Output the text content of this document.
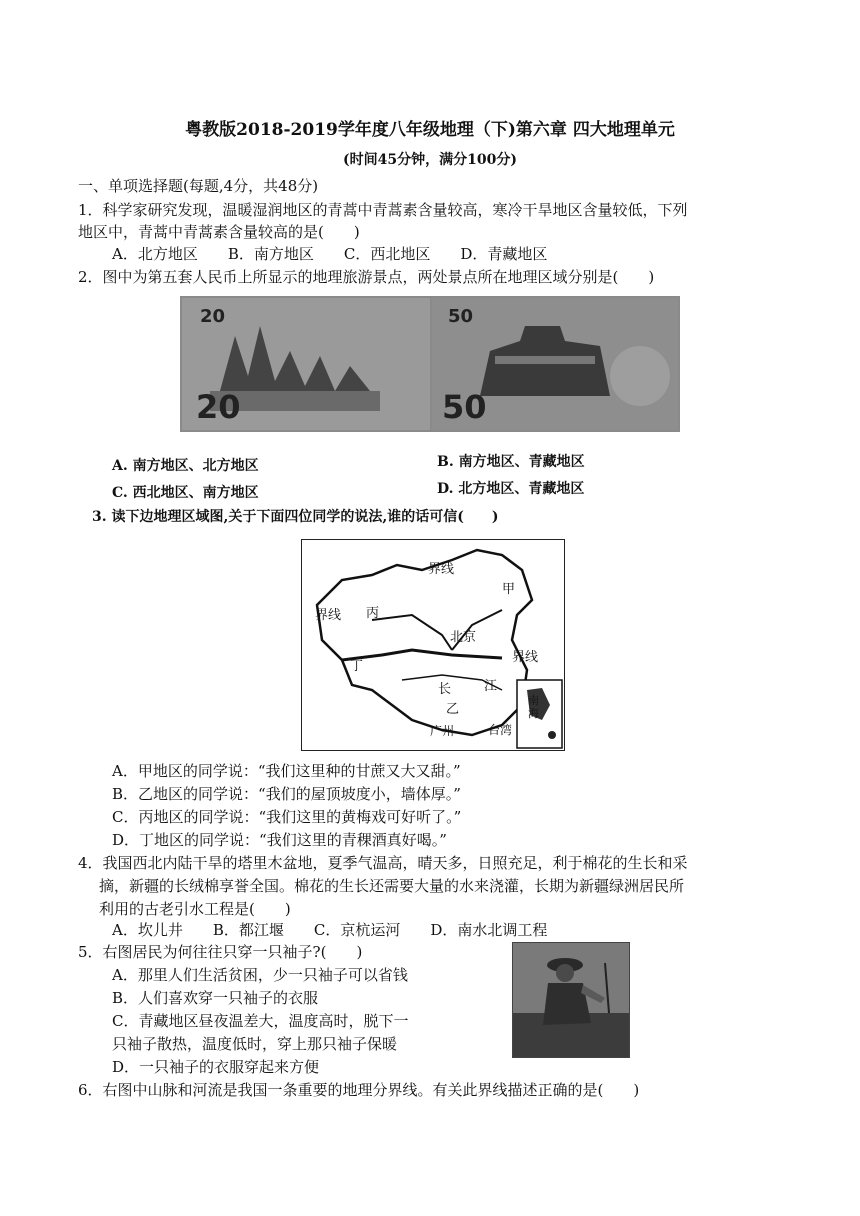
粤教版2018-2019学年度八年级地理（下)第六章 四大地理单元
(时间45分钟，满分100分)
一、单项选择题(每题,4分，共48分)
1．科学家研究发现，温暖湿润地区的青蒿中青蒿素含量较高，寒冷干旱地区含量较低，下列
地区中，青蒿中青蒿素含量较高的是(　　)
A．北方地区　　B．南方地区　　C．西北地区　　D．青藏地区
2．图中为第五套人民币上所显示的地理旅游景点，两处景点所在地理区域分别是(　　)
20
20
50
50
A. 南方地区、北方地区	B. 南方地区、青藏地区
C. 西北地区、南方地区	D. 北方地区、青藏地区
3. 读下边地理区域图,关于下面四位同学的说法,谁的话可信(　　)
界线
甲
界线 丙
北京
界线
丁
长	江
乙
广州	台湾
南海
A．甲地区的同学说：“我们这里种的甘蔗又大又甜。”
B．乙地区的同学说：“我们的屋顶坡度小，墙体厚。”
C．丙地区的同学说：“我们这里的黄梅戏可好听了。”
D．丁地区的同学说：“我们这里的青稞酒真好喝。”
4．我国西北内陆干旱的塔里木盆地，夏季气温高，晴天多，日照充足，利于棉花的生长和采
摘，新疆的长绒棉享誉全国。棉花的生长还需要大量的水来浇灌，长期为新疆绿洲居民所
利用的古老引水工程是(　　)
A．坎儿井　　B．都江堰　　C．京杭运河　　D．南水北调工程
5．右图居民为何往往只穿一只袖子?(　　)
A．那里人们生活贫困，少一只袖子可以省钱
B．人们喜欢穿一只袖子的衣服
C．青藏地区昼夜温差大，温度高时，脱下一
只袖子散热，温度低时，穿上那只袖子保暖
D．一只袖子的衣服穿起来方便
6．右图中山脉和河流是我国一条重要的地理分界线。有关此界线描述正确的是(　　)
